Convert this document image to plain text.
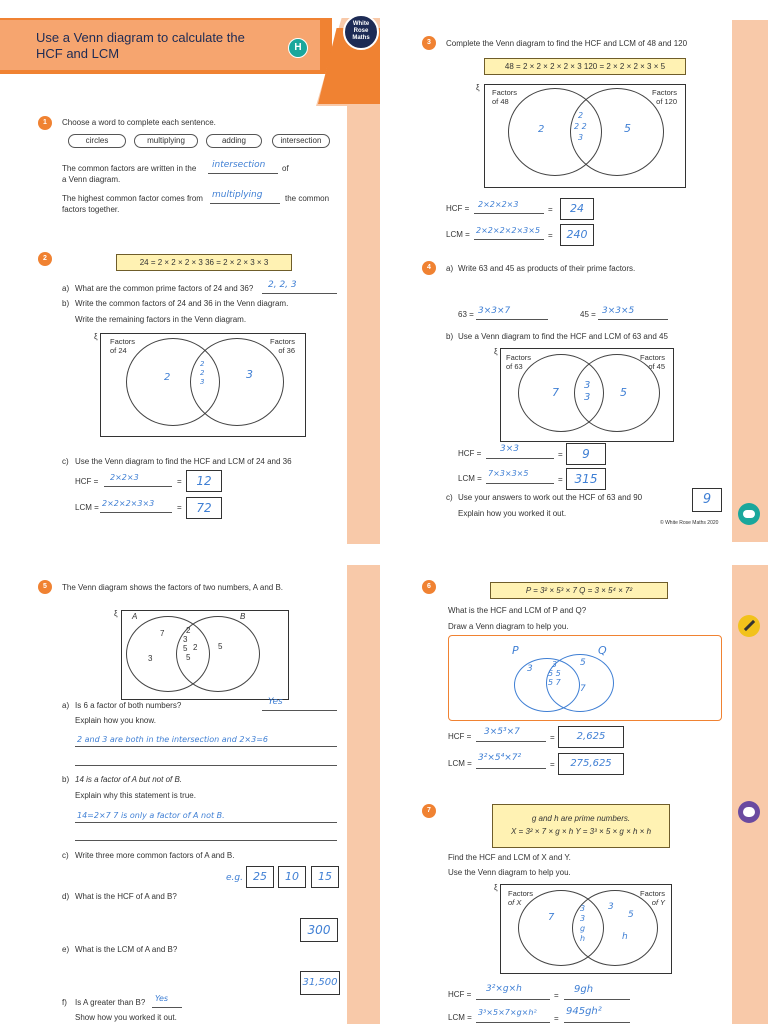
Use a Venn diagram to calculate the
HCF and LCM	H
White
Rose
Maths
1	Choose a word to complete each sentence.
circles	multiplying	adding	intersection
The common factors are written in the intersection of
a Venn diagram.
The highest common factor comes from multiplying	the common
factors together.
2	24 = 2 × 2 × 2 × 3 36 = 2 × 2 × 3 × 3
a) What are the common prime factors of 24 and 36? 2, 2, 3
b) Write the common factors of 24 and 36 in the Venn diagram.
Write the remaining factors in the Venn diagram.
ξ
Factors
of 24
Factors
of 36
2
2
2
3
3
c) Use the Venn diagram to find the HCF and LCM of 24 and 36
HCF = 2×2×3	=	12
LCM = 2×2×2×3×3	=	72
3	Complete the Venn diagram to find the HCF and LCM of 48 and 120
48 = 2 × 2 × 2 × 2 × 3 120 = 2 × 2 × 2 × 3 × 5
ξ
Factors
of 48
Factors
of 120
2
2
2 2
3
5
HCF = 2×2×2×3
=	24
LCM = 2×2×2×2×3×5
=	240
4	a) Write 63 and 45 as products of their prime factors.
63 = 3×3×7	45 = 3×3×5
b) Use a Venn diagram to find the HCF and LCM of 63 and 45
ξ
Factors
of 63
Factors
of 45
7
3
3	5
HCF = 3×3
=	9
LCM =
7×3×3×5
= 315
c) Use your answers to work out the HCF of 63 and 90
Explain how you worked it out.
9
© White Rose Maths 2020
5	The Venn diagram shows the factors of two numbers, A and B.
ξ A	B
7
3
2
3
5
5
2	5
a) Is 6 a factor of both numbers?	Yes
Explain how you know.
2 and 3 are both in the intersection and 2×3=6
b) 14 is a factor of A but not of B.
Explain why this statement is true.
14=2×7 7 is only a factor of A not B.
c) Write three more common factors of A and B.
e.g. 25	10	15
d) What is the HCF of A and B?
300
e) What is the LCM of A and B?
31,500
f) Is A greater than B? Yes
Show how you worked it out.
6	P = 3² × 5³ × 7 Q = 3 × 5⁴ × 7²
What is the HCF and LCM of P and Q?
Draw a Venn diagram to help you.
P	Q
3	3
5 5
5 7
5
7
HCF = 3×5³×7
=	2,625
LCM =
3²×5⁴×7²
=	275,625
7
g and h are prime numbers.
X = 3² × 7 × g × h Y = 3³ × 5 × g × h × h
Find the HCF and LCM of X and Y.
Use the Venn diagram to help you.
ξ
Factors
of X
Factors
of Y
7
3
3
g
h
3
5
h
HCF =
3²×g×h
=
9gh
LCM =
3³×5×7×g×h²
=
945gh²
